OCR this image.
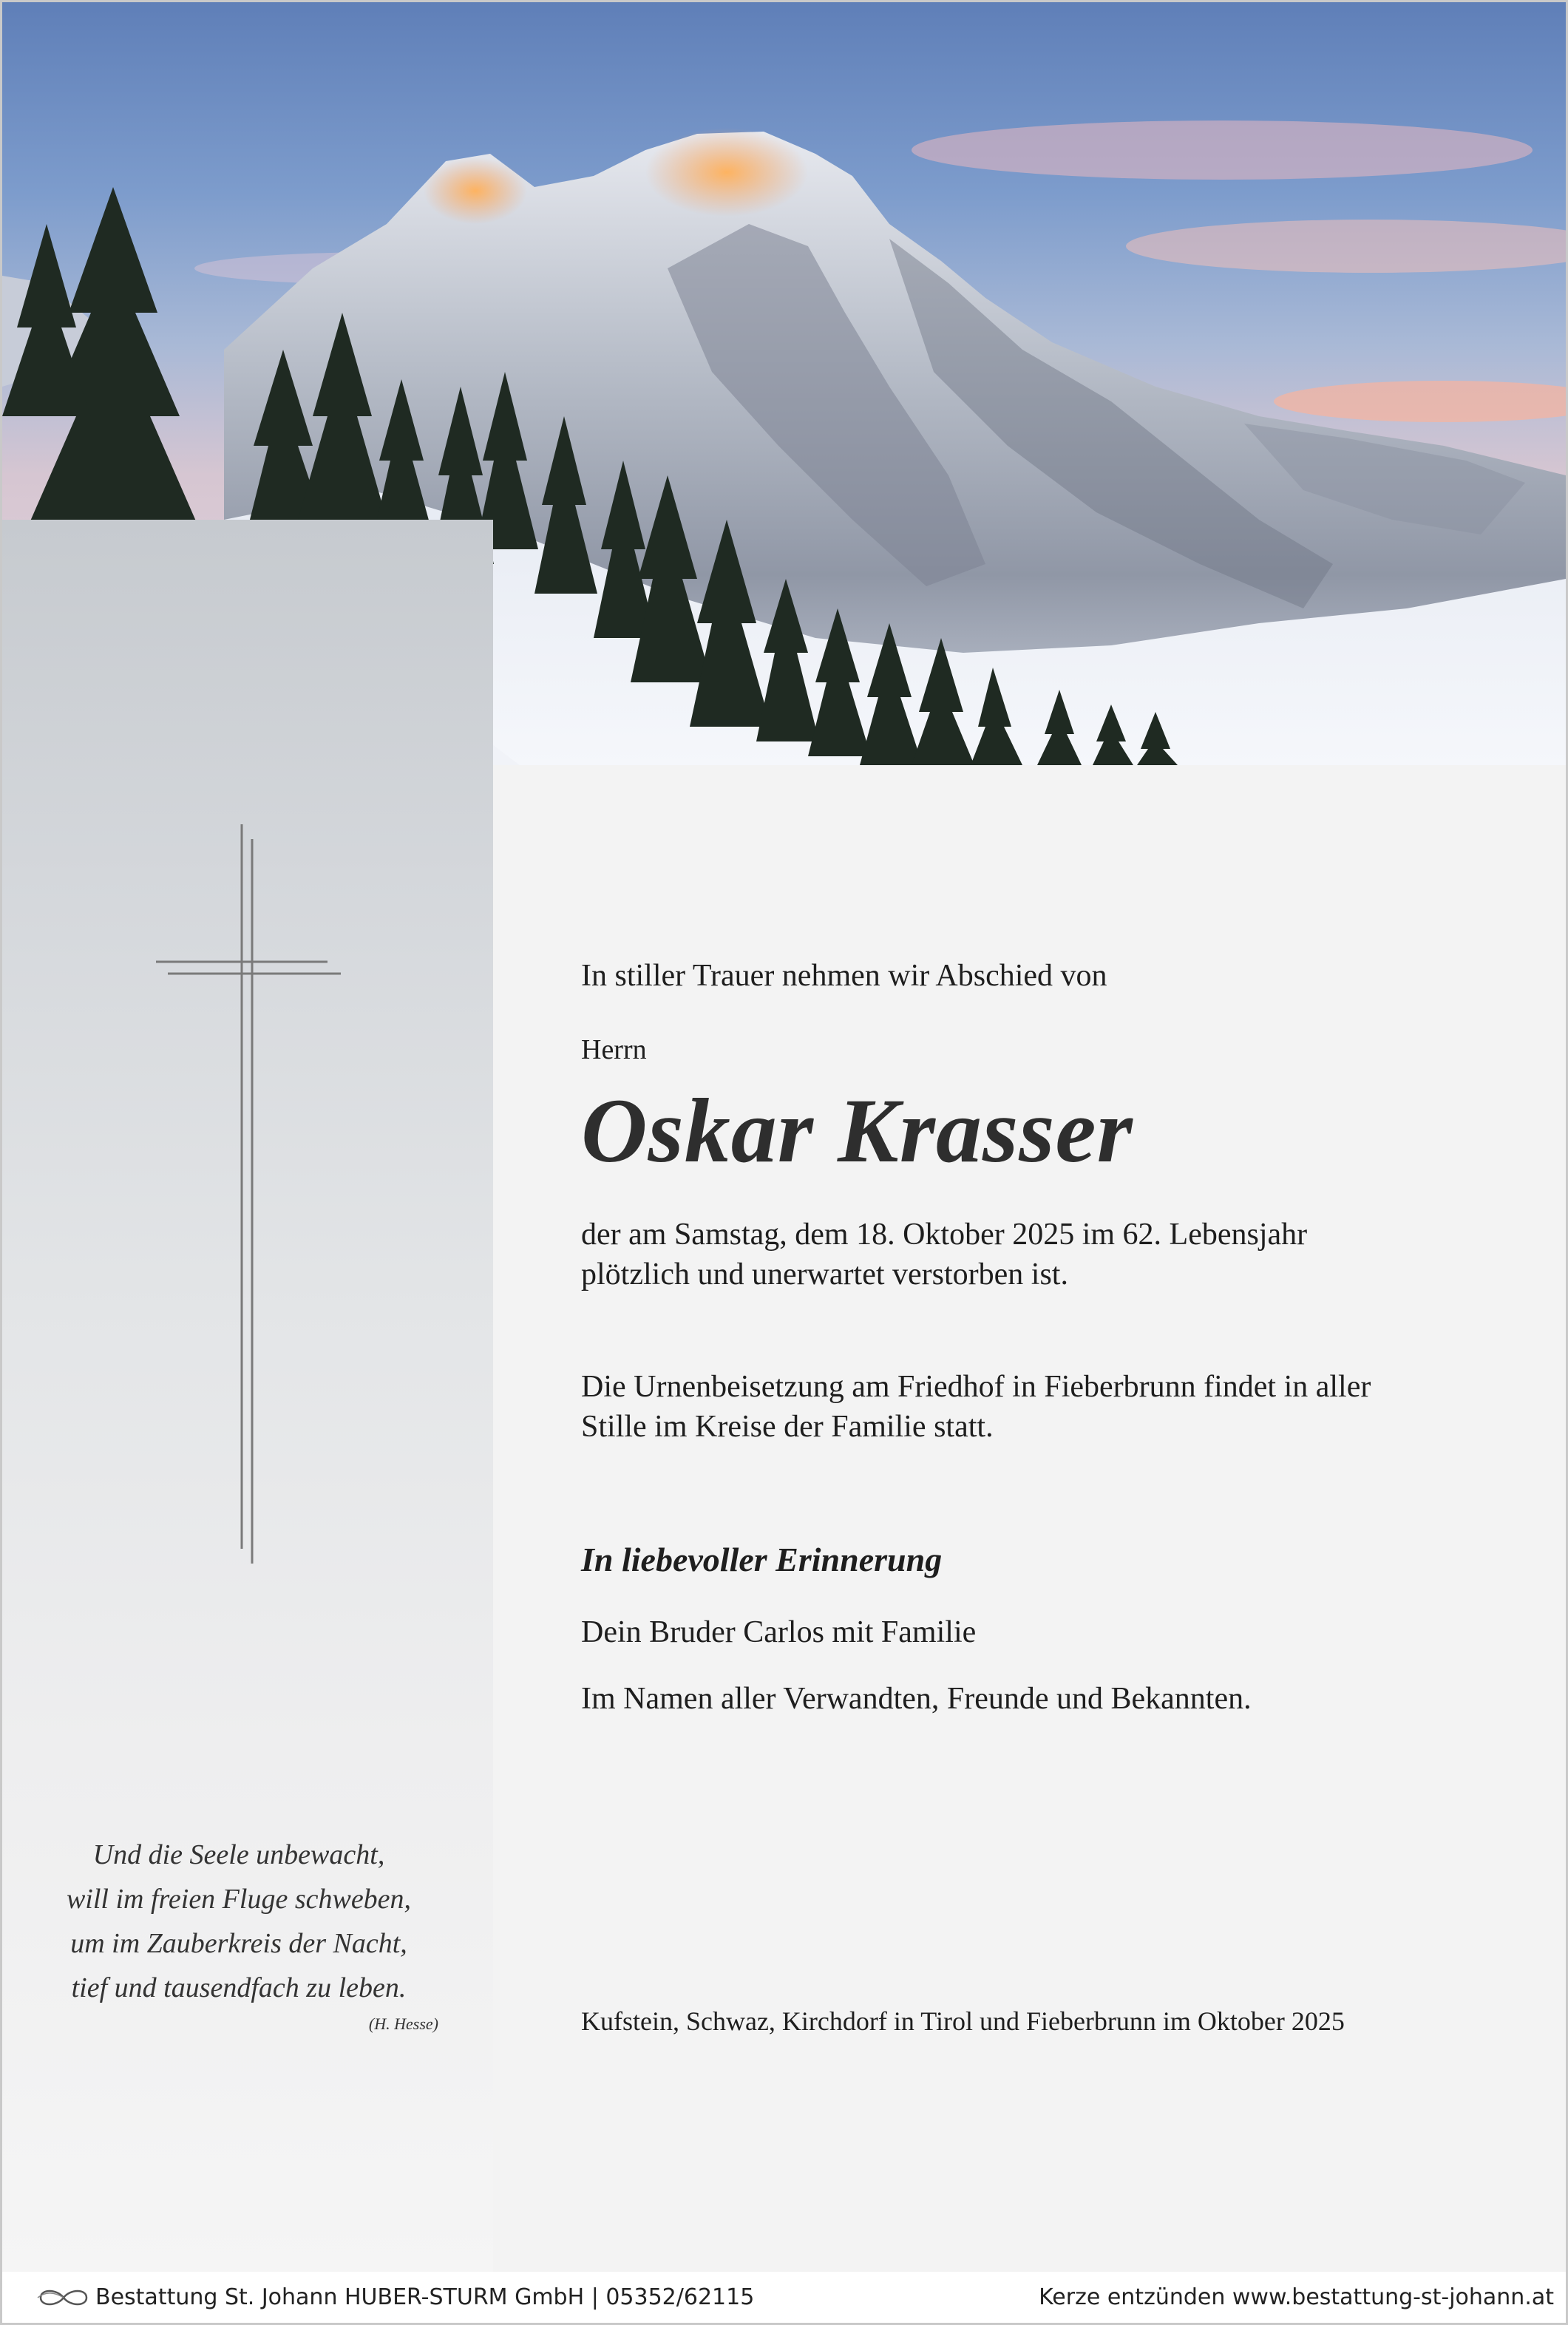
In stiller Trauer nehmen wir Abschied von
Herrn
Oskar Krasser
der am Samstag, dem 18. Oktober 2025 im 62. Lebensjahr
plötzlich und unerwartet verstorben ist.
Die Urnenbeisetzung am Friedhof in Fieberbrunn findet in aller
Stille im Kreise der Familie statt.
In liebevoller Erinnerung
Dein Bruder Carlos mit Familie
Im Namen aller Verwandten, Freunde und Bekannten.
Kufstein, Schwaz, Kirchdorf in Tirol und Fieberbrunn im Oktober 2025
Und die Seele unbewacht,
will im freien Fluge schweben,
um im Zauberkreis der Nacht,
tief und tausendfach zu leben.
(H. Hesse)
Bestattung St. Johann HUBER-STURM GmbH | 05352/62115	Kerze entzünden www.bestattung-st-johann.at
